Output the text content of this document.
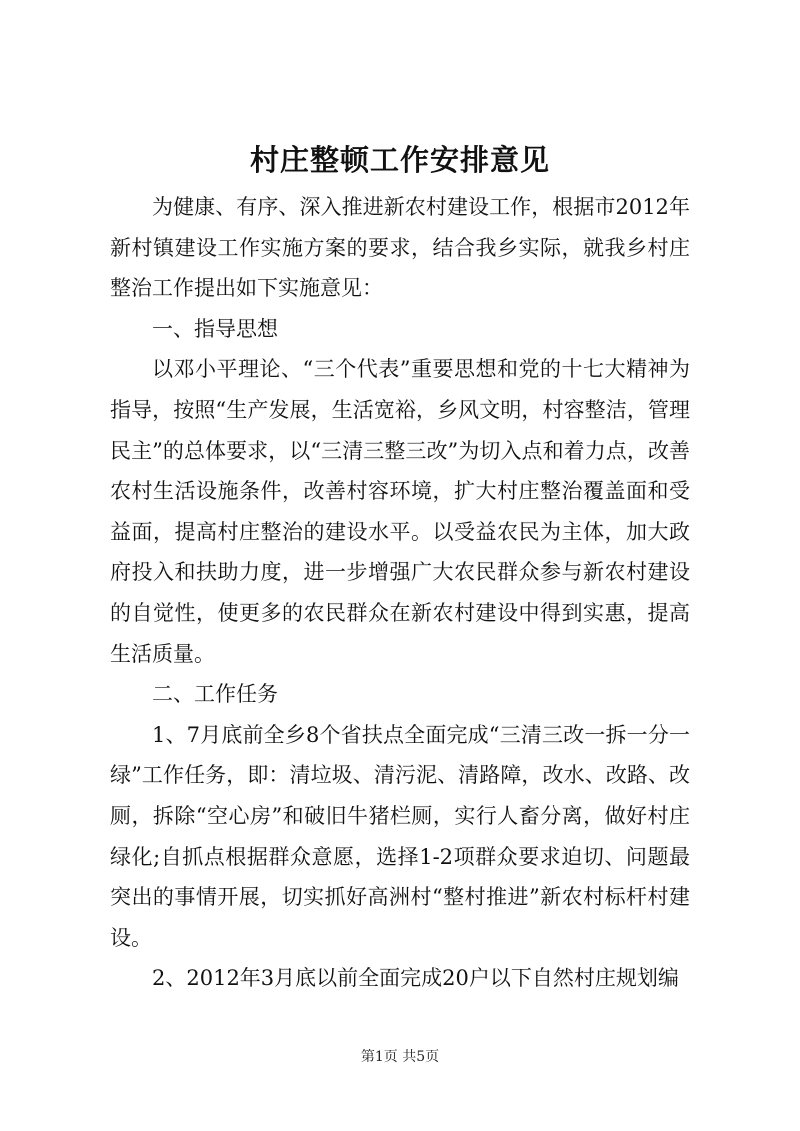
村庄整顿工作安排意见

为健康、有序、深入推进新农村建设工作，根据市2012年新村镇建设工作实施方案的要求，结合我乡实际，就我乡村庄整治工作提出如下实施意见：

一、指导思想

以邓小平理论、“三个代表”重要思想和党的十七大精神为指导，按照“生产发展，生活宽裕，乡风文明，村容整洁，管理民主”的总体要求，以“三清三整三改”为切入点和着力点，改善农村生活设施条件，改善村容环境，扩大村庄整治覆盖面和受益面，提高村庄整治的建设水平。以受益农民为主体，加大政府投入和扶助力度，进一步增强广大农民群众参与新农村建设的自觉性，使更多的农民群众在新农村建设中得到实惠，提高生活质量。

二、工作任务

1、7月底前全乡8个省扶点全面完成“三清三改一拆一分一绿”工作任务，即：清垃圾、清污泥、清路障，改水、改路、改厕，拆除“空心房”和破旧牛猪栏厕，实行人畜分离，做好村庄绿化;自抓点根据群众意愿，选择1-2项群众要求迫切、问题最突出的事情开展，切实抓好高洲村“整村推进”新农村标杆村建设。

2、2012年3月底以前全面完成20户以下自然村庄规划编

第1页 共5页
